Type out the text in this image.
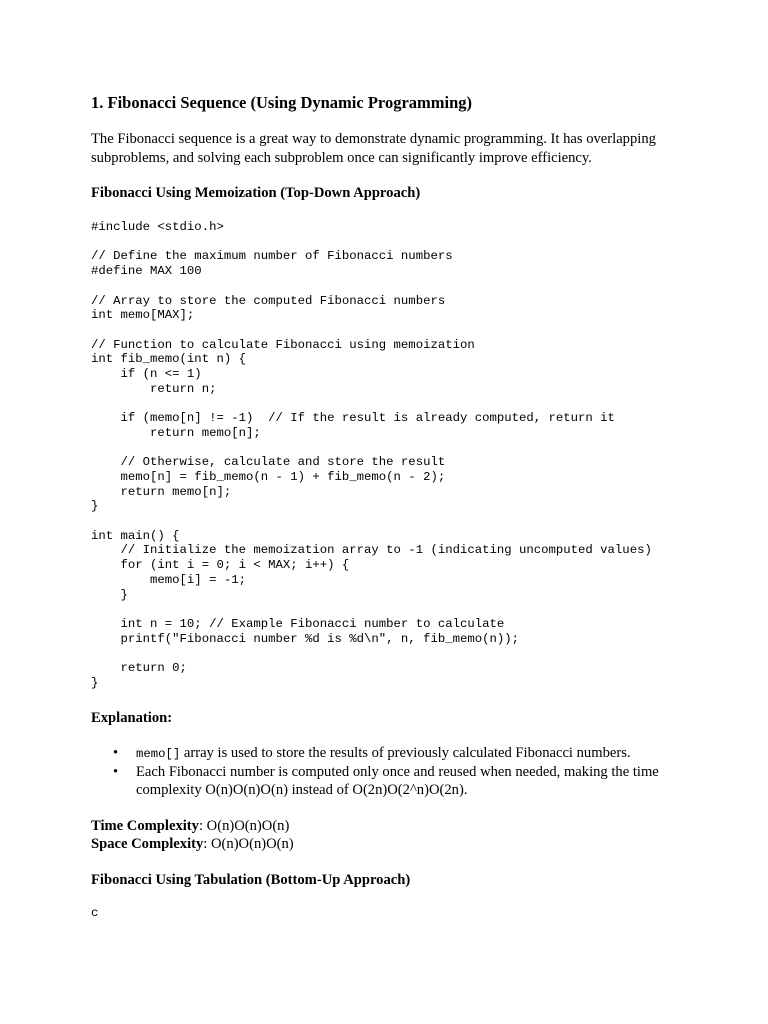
1. Fibonacci Sequence (Using Dynamic Programming)

The Fibonacci sequence is a great way to demonstrate dynamic programming. It has overlapping subproblems, and solving each subproblem once can significantly improve efficiency.

Fibonacci Using Memoization (Top-Down Approach)
#include <stdio.h>

// Define the maximum number of Fibonacci numbers
#define MAX 100

// Array to store the computed Fibonacci numbers
int memo[MAX];

// Function to calculate Fibonacci using memoization
int fib_memo(int n) {
if (n <= 1)
return n;

if (memo[n] != -1)  // If the result is already computed, return it
return memo[n];

// Otherwise, calculate and store the result
memo[n] = fib_memo(n - 1) + fib_memo(n - 2);
return memo[n];
}

int main() {
// Initialize the memoization array to -1 (indicating uncomputed values)
for (int i = 0; i < MAX; i++) {
memo[i] = -1;
}

int n = 10; // Example Fibonacci number to calculate
printf("Fibonacci number %d is %d\n", n, fib_memo(n));

return 0;
}
Explanation:
• memo[] array is used to store the results of previously calculated Fibonacci numbers.
• Each Fibonacci number is computed only once and reused when needed, making the time complexity O(n)O(n)O(n) instead of O(2n)O(2^n)O(2n).

Time Complexity: O(n)O(n)O(n)

Space Complexity: O(n)O(n)O(n)

Fibonacci Using Tabulation (Bottom-Up Approach)
c
